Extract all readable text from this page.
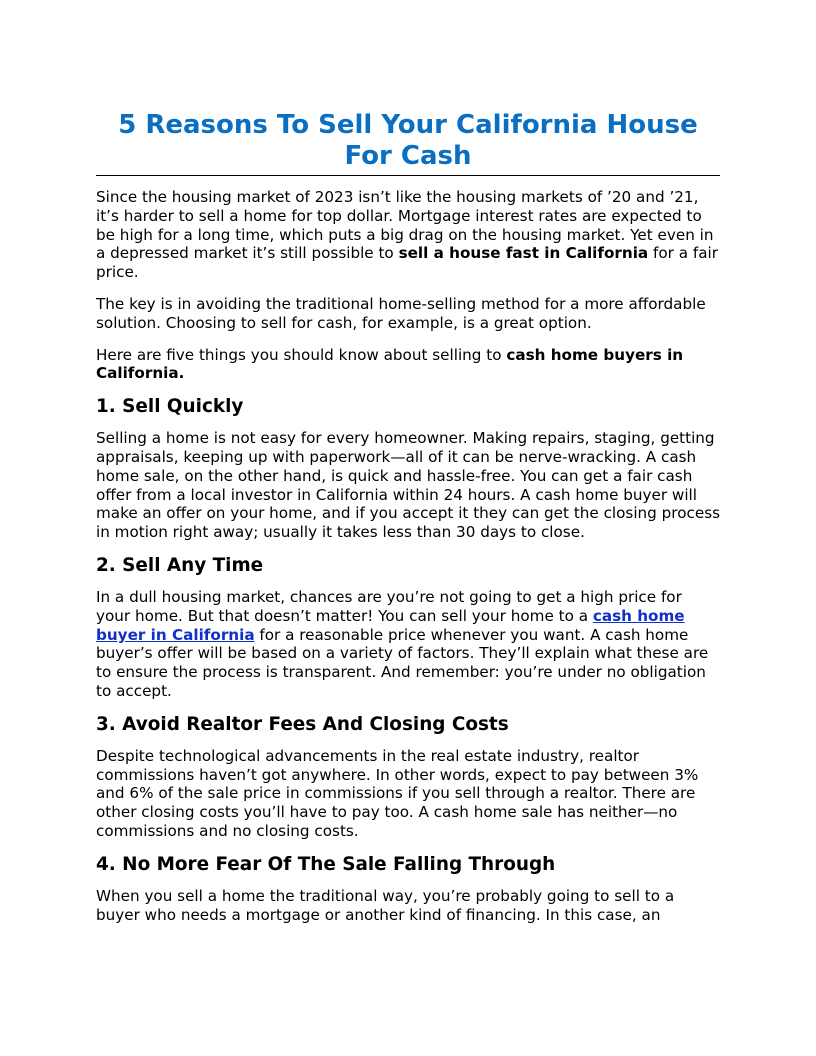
5 Reasons To Sell Your California House For Cash

Since the housing market of 2023 isn’t like the housing markets of ’20 and ’21, it’s harder to sell a home for top dollar. Mortgage interest rates are expected to be high for a long time, which puts a big drag on the housing market. Yet even in a depressed market it’s still possible to sell a house fast in California for a fair price.

The key is in avoiding the traditional home-selling method for a more affordable solution. Choosing to sell for cash, for example, is a great option.

Here are five things you should know about selling to cash home buyers in California.

1. Sell Quickly

Selling a home is not easy for every homeowner. Making repairs, staging, getting appraisals, keeping up with paperwork—all of it can be nerve-wracking. A cash home sale, on the other hand, is quick and hassle-free. You can get a fair cash offer from a local investor in California within 24 hours. A cash home buyer will make an offer on your home, and if you accept it they can get the closing process in motion right away; usually it takes less than 30 days to close.

2. Sell Any Time

In a dull housing market, chances are you’re not going to get a high price for your home. But that doesn’t matter! You can sell your home to a cash home buyer in California for a reasonable price whenever you want. A cash home buyer’s offer will be based on a variety of factors. They’ll explain what these are to ensure the process is transparent. And remember: you’re under no obligation to accept.

3. Avoid Realtor Fees And Closing Costs

Despite technological advancements in the real estate industry, realtor commissions haven’t got anywhere. In other words, expect to pay between 3% and 6% of the sale price in commissions if you sell through a realtor. There are other closing costs you’ll have to pay too. A cash home sale has neither—no commissions and no closing costs.

4. No More Fear Of The Sale Falling Through

When you sell a home the traditional way, you’re probably going to sell to a buyer who needs a mortgage or another kind of financing. In this case, an
